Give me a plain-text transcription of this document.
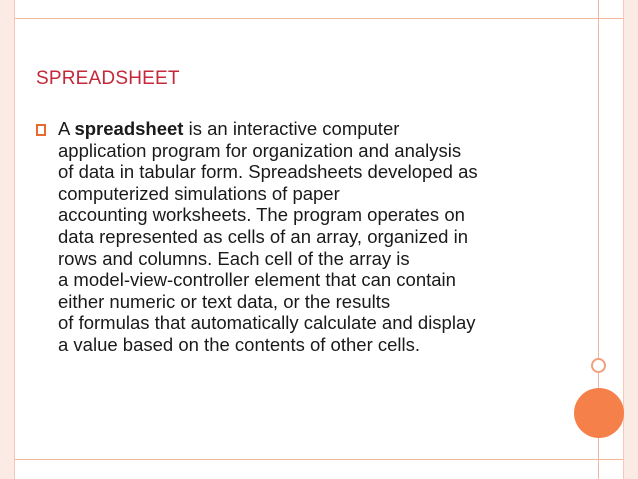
SPREADSHEET

A spreadsheet is an interactive computer
application program for organization and analysis
of data in tabular form. Spreadsheets developed as
computerized simulations of paper
accounting worksheets. The program operates on
data represented as cells of an array, organized in
rows and columns. Each cell of the array is
a model-view-controller element that can contain
either numeric or text data, or the results
of formulas that automatically calculate and display
a value based on the contents of other cells.
